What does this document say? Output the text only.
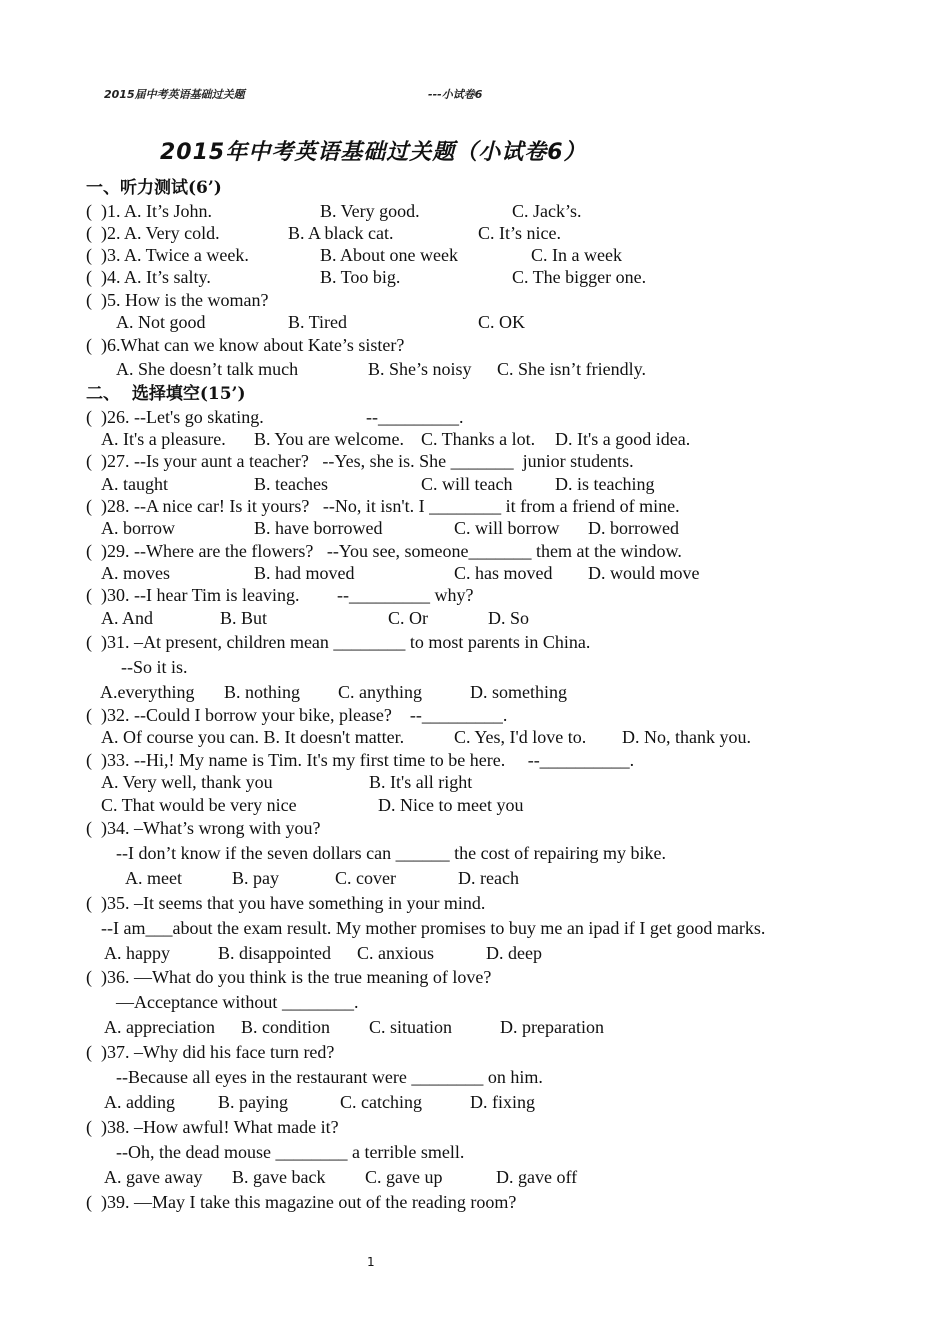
2015届中考英语基础过关题	---小试卷6
2015年中考英语基础过关题（小试卷6）
一、听力测试(6’)
二、  选择填空(15’)
(  )1. A. It’s John.	B. Very good.	C. Jack’s.
(  )2. A. Very cold.	B. A black cat.	C. It’s nice.
(  )3. A. Twice a week.	B. About one week	C. In a week
(  )4. A. It’s salty.	B. Too big.	C. The bigger one.
(  )5. How is the woman?
A. Not good	B. Tired	C. OK
(  )6.What can we know about Kate’s sister?
A. She doesn’t talk much	B. She’s noisy C. She isn’t friendly.
(  )26. --Let's go skating.	--_________.
A. It's a pleasure. B. You are welcome. C. Thanks a lot. D. It's a good idea.
(  )27. --Is your aunt a teacher?   --Yes, she is. She _______  junior students.
A. taught	B. teaches	C. will teach D. is teaching
(  )28. --A nice car! Is it yours?   --No, it isn't. I ________ it from a friend of mine.
A. borrow	B. have borrowed	C. will borrow D. borrowed
(  )29. --Where are the flowers?   --You see, someone_______ them at the window.
A. moves	B. had moved	C. has moved D. would move
(  )30. --I hear Tim is leaving. --_________ why?
A. And	B. But	C. Or	D. So
(  )31. –At present, children mean ________ to most parents in China.
--So it is.
A.everything B. nothing C. anything	D. something
(  )32. --Could I borrow your bike, please?    --_________.
A. Of course you can. B. It doesn't matter.	C. Yes, I'd love to. D. No, thank you.
(  )33. --Hi,! My name is Tim. It's my first time to be here.     --__________.
A. Very well, thank you	B. It's all right
C. That would be very nice	D. Nice to meet you
(  )34. –What’s wrong with you?
--I don’t know if the seven dollars can ______ the cost of repairing my bike.
A. meet	B. pay	C. cover	D. reach
(  )35. –It seems that you have something in your mind.
--I am___about the exam result. My mother promises to buy me an ipad if I get good marks.
A. happy	B. disappointed C. anxious	D. deep
(  )36. —What do you think is the true meaning of love?
—Acceptance without ________.
A. appreciation B. condition C. situation	D. preparation
(  )37. –Why did his face turn red?
--Because all eyes in the restaurant were ________ on him.
A. adding B. paying	C. catching	D. fixing
(  )38. –How awful! What made it?
--Oh, the dead mouse ________ a terrible smell.
A. gave away B. gave back C. gave up	D. gave off
(  )39. —May I take this magazine out of the reading room?
1
